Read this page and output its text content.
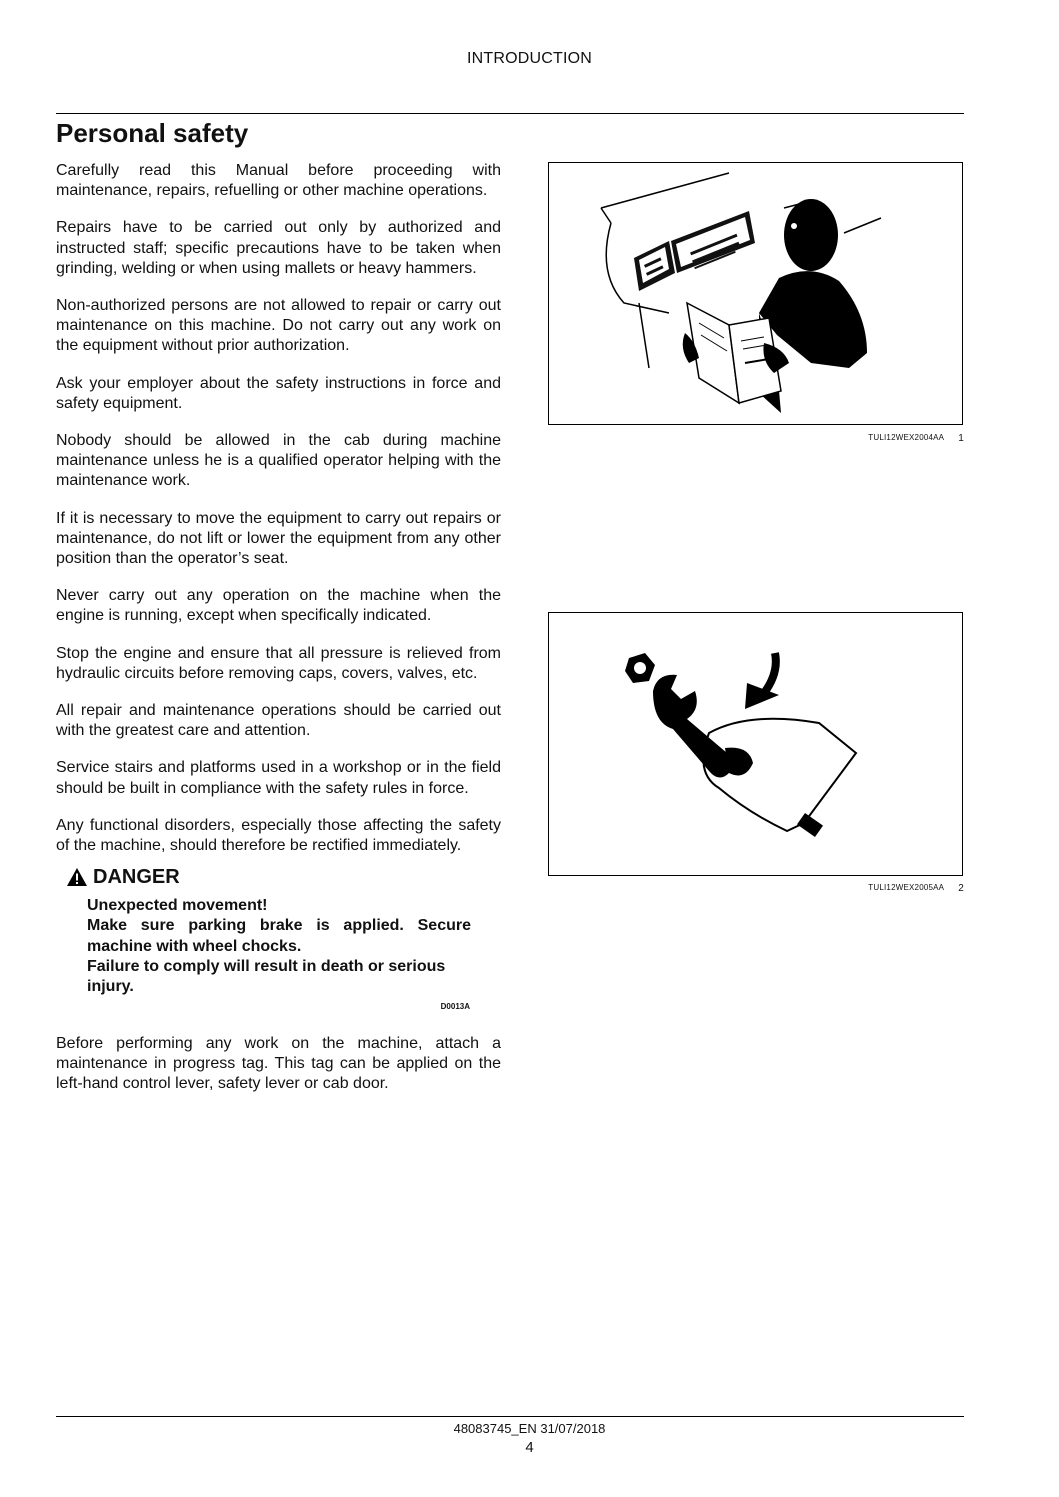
INTRODUCTION
Personal safety

Carefully read this Manual before proceeding with maintenance, repairs, refuelling or other machine operations.

Repairs have to be carried out only by authorized and instructed staff; specific precautions have to be taken when grinding, welding or when using mallets or heavy hammers.

Non-authorized persons are not allowed to repair or carry out maintenance on this machine. Do not carry out any work on the equipment without prior authorization.

Ask your employer about the safety instructions in force and safety equipment.

Nobody should be allowed in the cab during machine maintenance unless he is a qualified operator helping with the maintenance work.

If it is necessary to move the equipment to carry out repairs or maintenance, do not lift or lower the equipment from any other position than the operator’s seat.

Never carry out any operation on the machine when the engine is running, except when specifically indicated.

Stop the engine and ensure that all pressure is relieved from hydraulic circuits before removing caps, covers, valves, etc.

All repair and maintenance operations should be carried out with the greatest care and attention.

Service stairs and platforms used in a workshop or in the field should be built in compliance with the safety rules in force.

Any functional disorders, especially those affecting the safety of the machine, should therefore be rectified immediately.

DANGER
Unexpected movement!
Make sure parking brake is applied. Secure machine with wheel chocks.
Failure to comply will result in death or serious injury.
D0013A

Before performing any work on the machine, attach a maintenance in progress tag. This tag can be applied on the left-hand control lever, safety lever or cab door.

TULI12WEX2004AA 1
TULI12WEX2005AA 2
48083745_EN 31/07/2018
4
